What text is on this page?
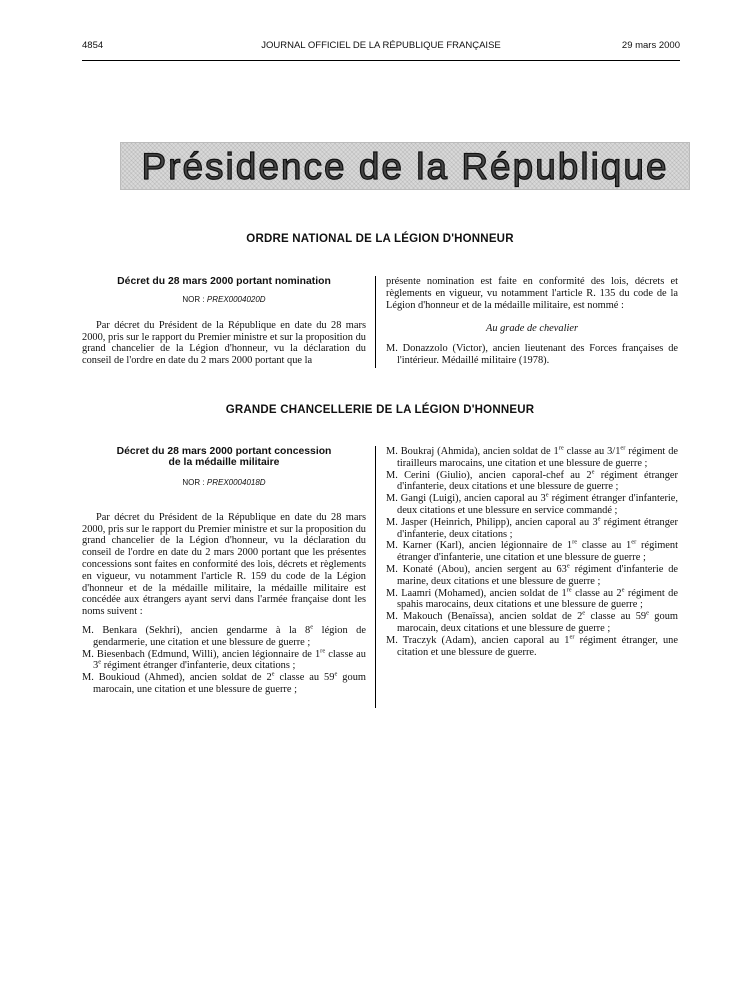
4854	JOURNAL OFFICIEL DE LA RÉPUBLIQUE FRANÇAISE	29 mars 2000
Présidence de la République
ORDRE NATIONAL DE LA LÉGION D'HONNEUR
Décret du 28 mars 2000 portant nomination
NOR : PREX0004020D

Par décret du Président de la République en date du 28 mars 2000, pris sur le rapport du Premier ministre et sur la proposition du grand chancelier de la Légion d'honneur, vu la déclaration du conseil de l'ordre en date du 2 mars 2000 portant que la

présente nomination est faite en conformité des lois, décrets et règlements en vigueur, vu notamment l'article R. 135 du code de la Légion d'honneur et de la médaille militaire, est nommé :

Au grade de chevalier

M. Donazzolo (Victor), ancien lieutenant des Forces françaises de l'intérieur. Médaillé militaire (1978).

GRANDE CHANCELLERIE DE LA LÉGION D'HONNEUR
Décret du 28 mars 2000 portant concession
de la médaille militaire
NOR : PREX0004018D

Par décret du Président de la République en date du 28 mars 2000, pris sur le rapport du Premier ministre et sur la proposition du grand chancelier de la Légion d'honneur, vu la déclaration du conseil de l'ordre en date du 2 mars 2000 portant que les présentes concessions sont faites en conformité des lois, décrets et règlements en vigueur, vu notamment l'article R. 159 du code de la Légion d'honneur et de la médaille militaire, la médaille militaire est concédée aux étrangers ayant servi dans l'armée française dont les noms suivent :

M. Benkara (Sekhri), ancien gendarme à la 8e légion de gendarmerie, une citation et une blessure de guerre ;

M. Biesenbach (Edmund, Willi), ancien légionnaire de 1re classe au 3e régiment étranger d'infanterie, deux citations ;

M. Boukioud (Ahmed), ancien soldat de 2e classe au 59e goum marocain, une citation et une blessure de guerre ;

M. Boukraj (Ahmida), ancien soldat de 1re classe au 3/1er régiment de tirailleurs marocains, une citation et une blessure de guerre ;

M. Cerini (Giulio), ancien caporal-chef au 2e régiment étranger d'infanterie, deux citations et une blessure de guerre ;

M. Gangi (Luigi), ancien caporal au 3e régiment étranger d'infanterie, deux citations et une blessure en service commandé ;

M. Jasper (Heinrich, Philipp), ancien caporal au 3e régiment étranger d'infanterie, deux citations ;

M. Karner (Karl), ancien légionnaire de 1re classe au 1er régiment étranger d'infanterie, une citation et une blessure de guerre ;

M. Konaté (Abou), ancien sergent au 63e régiment d'infanterie de marine, deux citations et une blessure de guerre ;

M. Laamri (Mohamed), ancien soldat de 1re classe au 2e régiment de spahis marocains, deux citations et une blessure de guerre ;

M. Makouch (Benaïssa), ancien soldat de 2e classe au 59e goum marocain, deux citations et une blessure de guerre ;

M. Traczyk (Adam), ancien caporal au 1er régiment étranger, une citation et une blessure de guerre.
